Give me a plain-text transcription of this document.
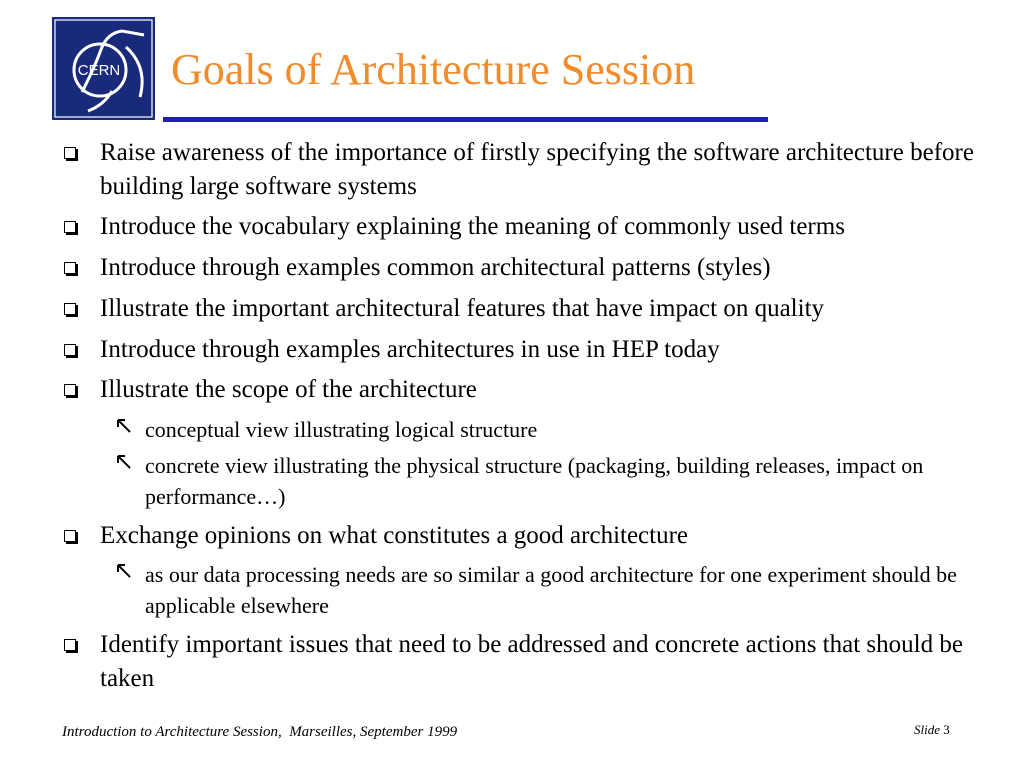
CERN Goals of Architecture Session
Raise awareness of the importance of firstly specifying the software architecture before building large software systems
Introduce the vocabulary explaining the meaning of commonly used terms
Introduce through examples common architectural patterns (styles)
Illustrate the important architectural features that have impact on quality
Introduce through examples architectures in use in HEP today
Illustrate the scope of the architecture
conceptual view illustrating logical structure
concrete view illustrating the physical structure (packaging, building releases, impact on performance…)
Exchange opinions on what constitutes a good architecture
as our data processing needs are so similar a good architecture for one experiment should be applicable elsewhere
Identify important issues that need to be addressed and concrete actions that should be taken
Introduction to Architecture Session,  Marseilles, September 1999	Slide 3
